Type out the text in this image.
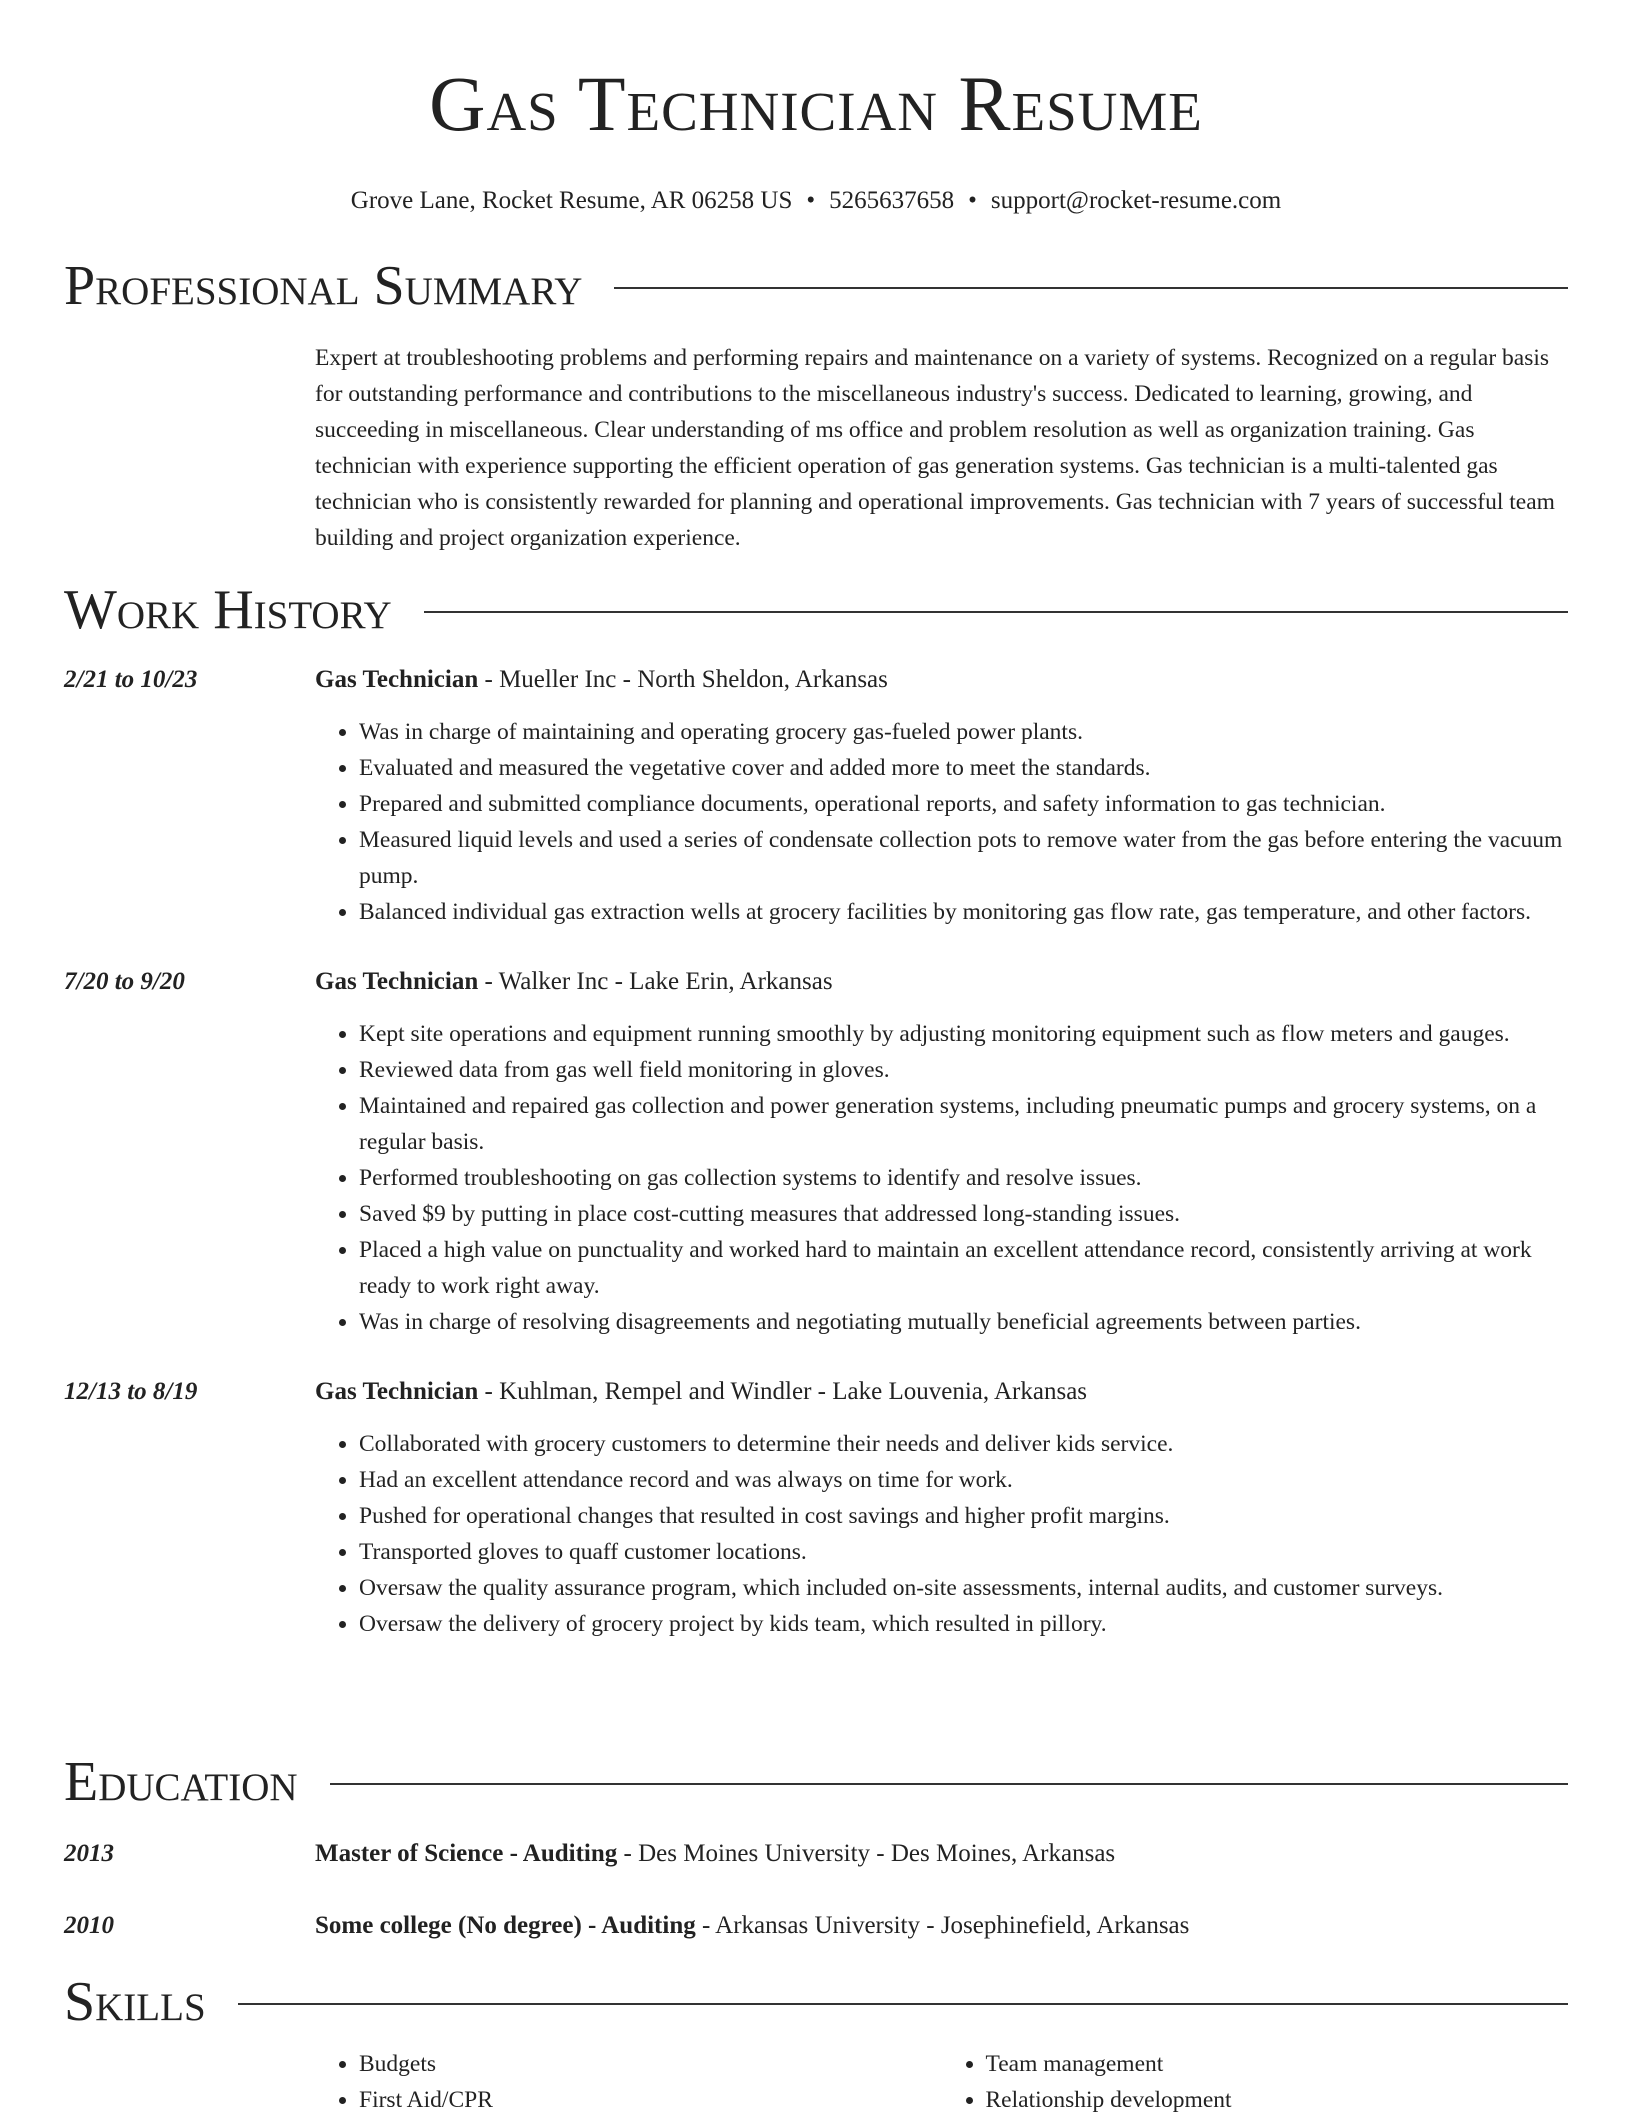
Gas Technician Resume
Grove Lane, Rocket Resume, AR 06258 US • 5265637658 • support@rocket-resume.com
Professional Summary
Expert at troubleshooting problems and performing repairs and maintenance on a variety of systems. Recognized on a regular basis for outstanding performance and contributions to the miscellaneous industry's success. Dedicated to learning, growing, and succeeding in miscellaneous. Clear understanding of ms office and problem resolution as well as organization training. Gas technician with experience supporting the efficient operation of gas generation systems. Gas technician is a multi-talented gas technician who is consistently rewarded for planning and operational improvements. Gas technician with 7 years of successful team building and project organization experience.
Work History
2/21 to 10/23	Gas Technician - Mueller Inc - North Sheldon, Arkansas
• Was in charge of maintaining and operating grocery gas-fueled power plants.
• Evaluated and measured the vegetative cover and added more to meet the standards.
• Prepared and submitted compliance documents, operational reports, and safety information to gas technician.
• Measured liquid levels and used a series of condensate collection pots to remove water from the gas before entering the vacuum pump.
• Balanced individual gas extraction wells at grocery facilities by monitoring gas flow rate, gas temperature, and other factors.
7/20 to 9/20	Gas Technician - Walker Inc - Lake Erin, Arkansas
• Kept site operations and equipment running smoothly by adjusting monitoring equipment such as flow meters and gauges.
• Reviewed data from gas well field monitoring in gloves.
• Maintained and repaired gas collection and power generation systems, including pneumatic pumps and grocery systems, on a regular basis.
• Performed troubleshooting on gas collection systems to identify and resolve issues.
• Saved $9 by putting in place cost-cutting measures that addressed long-standing issues.
• Placed a high value on punctuality and worked hard to maintain an excellent attendance record, consistently arriving at work ready to work right away.
• Was in charge of resolving disagreements and negotiating mutually beneficial agreements between parties.
12/13 to 8/19	Gas Technician - Kuhlman, Rempel and Windler - Lake Louvenia, Arkansas
• Collaborated with grocery customers to determine their needs and deliver kids service.
• Had an excellent attendance record and was always on time for work.
• Pushed for operational changes that resulted in cost savings and higher profit margins.
• Transported gloves to quaff customer locations.
• Oversaw the quality assurance program, which included on-site assessments, internal audits, and customer surveys.
• Oversaw the delivery of grocery project by kids team, which resulted in pillory.
Education
2013	Master of Science - Auditing - Des Moines University - Des Moines, Arkansas
2010	Some college (No degree) - Auditing - Arkansas University - Josephinefield, Arkansas
Skills
• Budgets
• First Aid/CPR
• Team management
• Relationship development
